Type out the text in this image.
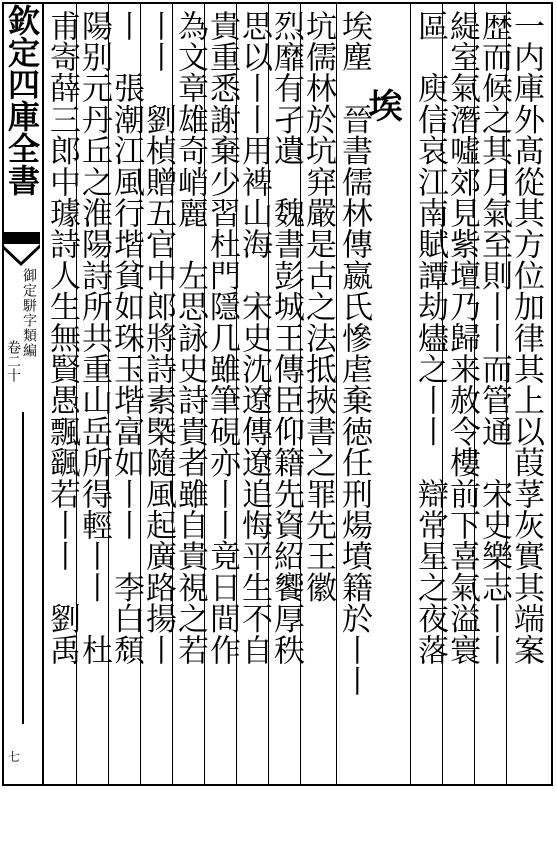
欽定四庫全書
御定駢字類編
卷二十
七
一内庫外髙從其方位加律其上以葭莩灰實其端案
歴而候之其月氣至則丨丨而管通　宋史樂志丨丨
緹室氣潛噓郊見紫壇乃歸来赦令樓前下喜氣溢寰
區　庾信哀江南賦譚劫燼之丨丨　辯常星之夜落
埃
埃塵　晉書儒林傳嬴氏慘虐棄徳任刑煬墳籍於丨丨
坑儒林於坑穽嚴是古之法抵挾書之罪先王徽
烈靡有孑遺　魏書彭城王傳臣仰籍先資紹饗厚秩
思以丨丨用裨山海　宋史沈遼傳遼追悔平生不自
貴重悉謝棄少習杜門隱几雖筆硯亦丨丨竟日間作
為文章雄奇峭麗　左思詠史詩貴者雖自貴視之若
丨丨　劉楨贈五官中郎將詩素㮣隨風起廣路揚丨
丨　張潮江風行堦貧如珠玉堦富如丨丨　李白頹
陽别元丹丘之淮陽詩所共重山岳所得輕丨丨　杜
甫寄薛三郎中璩詩人生無賢愚飄颻若丨丨　劉禹
